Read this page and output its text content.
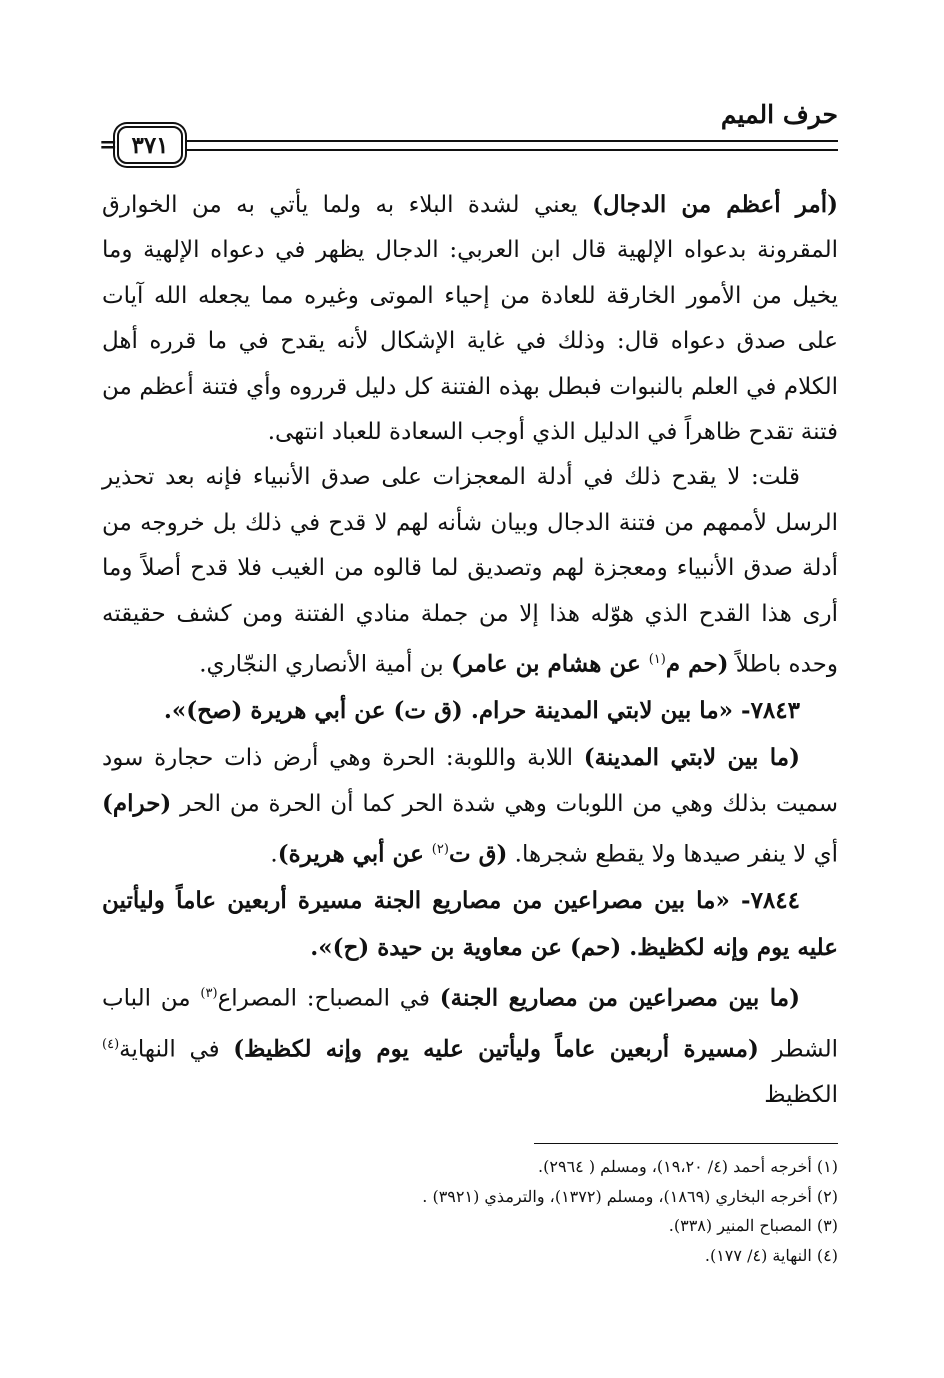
حرف الميم
٣٧١
=

(أمر أعظم من الدجال) يعني لشدة البلاء به ولما يأتي به من الخوارق المقرونة بدعواه الإلهية قال ابن العربي: الدجال يظهر في دعواه الإلهية وما يخيل من الأمور الخارقة للعادة من إحياء الموتى وغيره مما يجعله الله آيات على صدق دعواه قال: وذلك في غاية الإشكال لأنه يقدح في ما قرره أهل الكلام في العلم بالنبوات فبطل بهذه الفتنة كل دليل قرروه وأي فتنة أعظم من فتنة تقدح ظاهراً في الدليل الذي أوجب السعادة للعباد انتهى.

قلت: لا يقدح ذلك في أدلة المعجزات على صدق الأنبياء فإنه بعد تحذير الرسل لأممهم من فتنة الدجال وبيان شأنه لهم لا قدح في ذلك بل خروجه من أدلة صدق الأنبياء ومعجزة لهم وتصديق لما قالوه من الغيب فلا قدح أصلاً وما أرى هذا القدح الذي هوّله هذا إلا من جملة منادي الفتنة ومن كشف حقيقته وحده باطلاً (حم م$^{(١)}$ عن هشام بن عامر) بن أمية الأنصاري النجّاري.

٧٨٤٣- «ما بين لابتي المدينة حرام. (ق ت) عن أبي هريرة (صح)».

(ما بين لابتي المدينة) اللابة واللوبة: الحرة وهي أرض ذات حجارة سود سميت بذلك وهي من اللوبات وهي شدة الحر كما أن الحرة من الحر (حرام) أي لا ينفر صيدها ولا يقطع شجرها. (ق ت$^{(٢)}$ عن أبي هريرة).

٧٨٤٤- «ما بين مصراعين من مصاريع الجنة مسيرة أربعين عاماً وليأتين عليه يوم وإنه لكظيظ. (حم) عن معاوية بن حيدة (ح)».

(ما بين مصراعين من مصاريع الجنة) في المصباح: المصراع$^{(٣)}$ من الباب الشطر (مسيرة أربعين عاماً وليأتين عليه يوم وإنه لكظيظ) في النهاية$^{(٤)}$ الكظيظ

(١) أخرجه أحمد (٤/ ١٩،٢٠)، ومسلم ( ٢٩٦٤).
(٢) أخرجه البخاري (١٨٦٩)، ومسلم (١٣٧٢)، والترمذي (٣٩٢١) .
(٣) المصباح المنير (٣٣٨).
(٤) النهاية (٤/ ١٧٧).
